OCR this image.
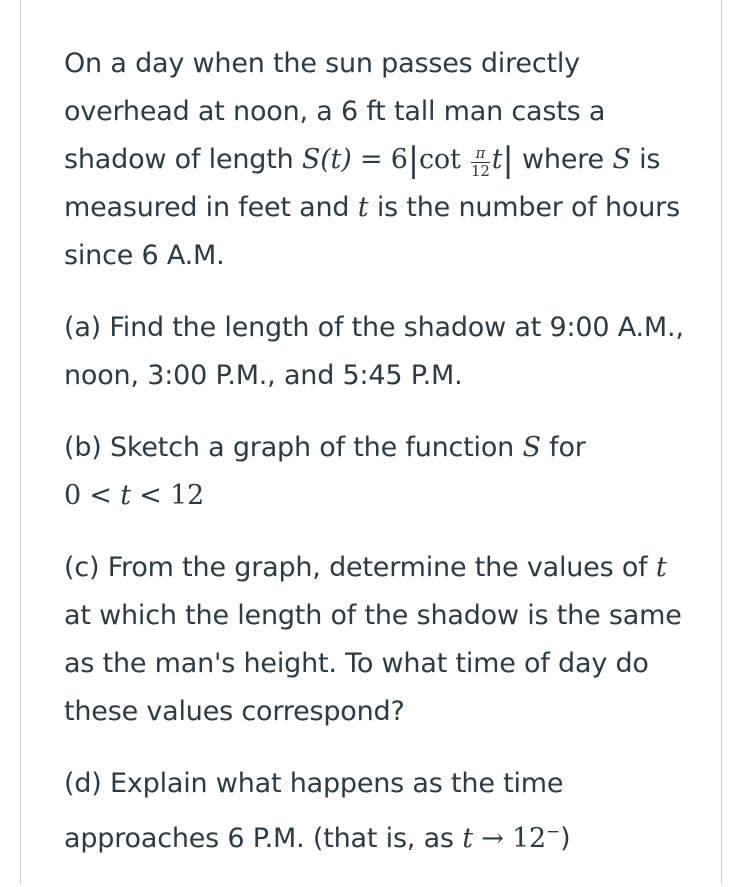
On a day when the sun passes directly overhead at noon, a 6 ft tall man casts a shadow of length $S(t) = 6|\cot \frac{\pi}{12} t|$ where S is measured in feet and t is the number of hours since 6 A.M.

(a) Find the length of the shadow at 9:00 A.M., noon, 3:00 P.M., and 5:45 P.M.

(b) Sketch a graph of the function S for 0 < t < 12

(c) From the graph, determine the values of t at which the length of the shadow is the same as the man's height. To what time of day do these values correspond?

(d) Explain what happens as the time approaches 6 P.M. (that is, as t → 12−)
